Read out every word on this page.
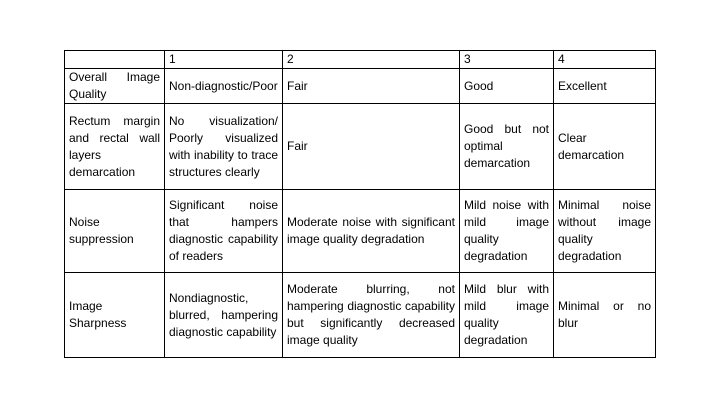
	1	2	3	4
Overall Image Quality	Non-diagnostic/Poor	Fair	Good	Excellent
Rectum margin and rectal wall layers demarcation	No visualization/ Poorly visualized with inability to trace structures clearly	Fair	Good but not optimal demarcation	Clear demarcation
Noise suppression	Significant noise that hampers diagnostic capability of readers	Moderate noise with significant image quality degradation	Mild noise with mild image quality degradation	Minimal noise without image quality degradation
Image Sharpness	Nondiagnostic, blurred, hampering diagnostic capability	Moderate blurring, not hampering diagnostic capability but significantly decreased image quality	Mild blur with mild image quality degradation	Minimal or no blur
